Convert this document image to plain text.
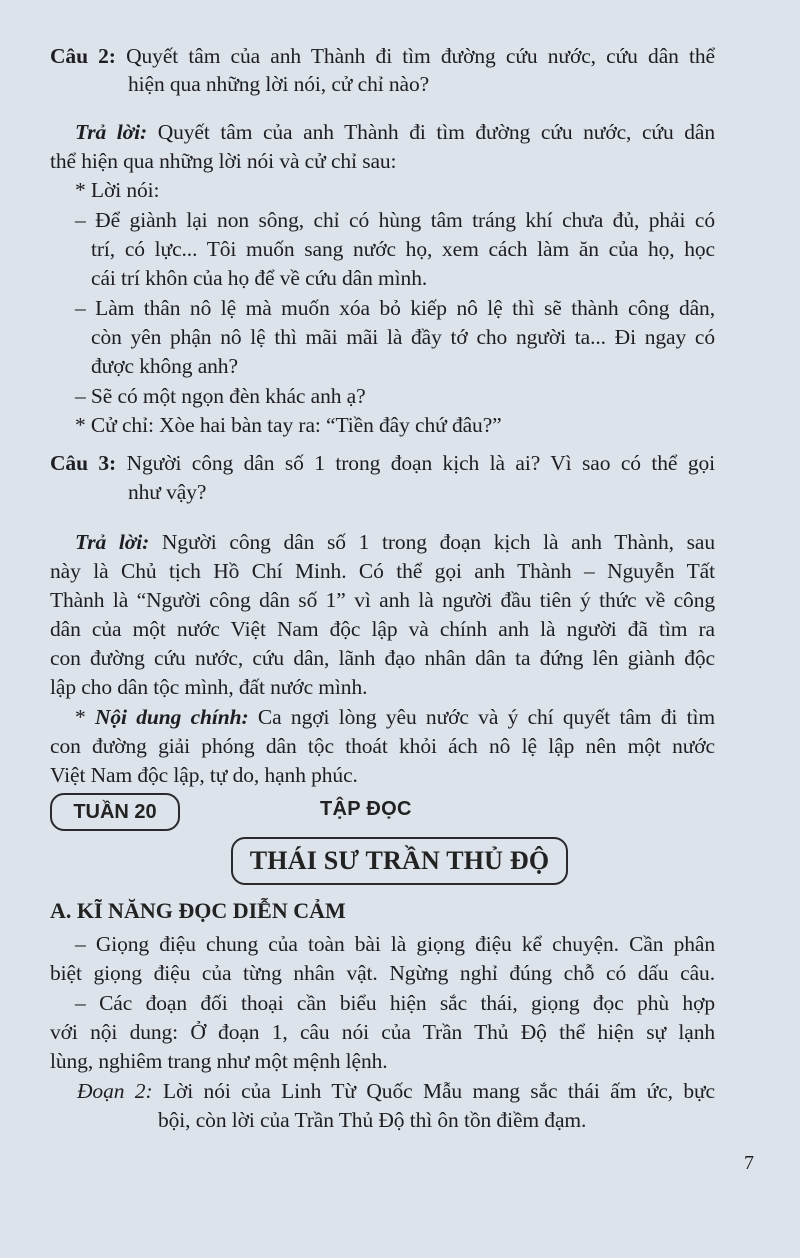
Câu 2: Quyết tâm của anh Thành đi tìm đường cứu nước, cứu dân thể
hiện qua những lời nói, cử chỉ nào?
Trả lời: Quyết tâm của anh Thành đi tìm đường cứu nước, cứu dân
thể hiện qua những lời nói và cử chỉ sau:
* Lời nói:
– Để giành lại non sông, chỉ có hùng tâm tráng khí chưa đủ, phải có
trí, có lực... Tôi muốn sang nước họ, xem cách làm ăn của họ, học
cái trí khôn của họ để về cứu dân mình.
– Làm thân nô lệ mà muốn xóa bỏ kiếp nô lệ thì sẽ thành công dân,
còn yên phận nô lệ thì mãi mãi là đầy tớ cho người ta... Đi ngay có
được không anh?
– Sẽ có một ngọn đèn khác anh ạ?
* Cử chỉ: Xòe hai bàn tay ra: “Tiền đây chứ đâu?”
Câu 3: Người công dân số 1 trong đoạn kịch là ai? Vì sao có thể gọi
như vậy?
Trả lời: Người công dân số 1 trong đoạn kịch là anh Thành, sau
này là Chủ tịch Hồ Chí Minh. Có thể gọi anh Thành – Nguyễn Tất
Thành là “Người công dân số 1” vì anh là người đầu tiên ý thức về công
dân của một nước Việt Nam độc lập và chính anh là người đã tìm ra
con đường cứu nước, cứu dân, lãnh đạo nhân dân ta đứng lên giành độc
lập cho dân tộc mình, đất nước mình.
* Nội dung chính: Ca ngợi lòng yêu nước và ý chí quyết tâm đi tìm
con đường giải phóng dân tộc thoát khỏi ách nô lệ lập nên một nước
Việt Nam độc lập, tự do, hạnh phúc.
TUẦN 20	TẬP ĐỌC
THÁI SƯ TRẦN THỦ ĐỘ
A. KĨ NĂNG ĐỌC DIỄN CẢM
– Giọng điệu chung của toàn bài là giọng điệu kể chuyện. Cần phân
biệt giọng điệu của từng nhân vật. Ngừng nghỉ đúng chỗ có dấu câu.
– Các đoạn đối thoại cần biểu hiện sắc thái, giọng đọc phù hợp
với nội dung: Ở đoạn 1, câu nói của Trần Thủ Độ thể hiện sự lạnh
lùng, nghiêm trang như một mệnh lệnh.
Đoạn 2: Lời nói của Linh Từ Quốc Mẫu mang sắc thái ấm ức, bực
bội, còn lời của Trần Thủ Độ thì ôn tồn điềm đạm.
7
